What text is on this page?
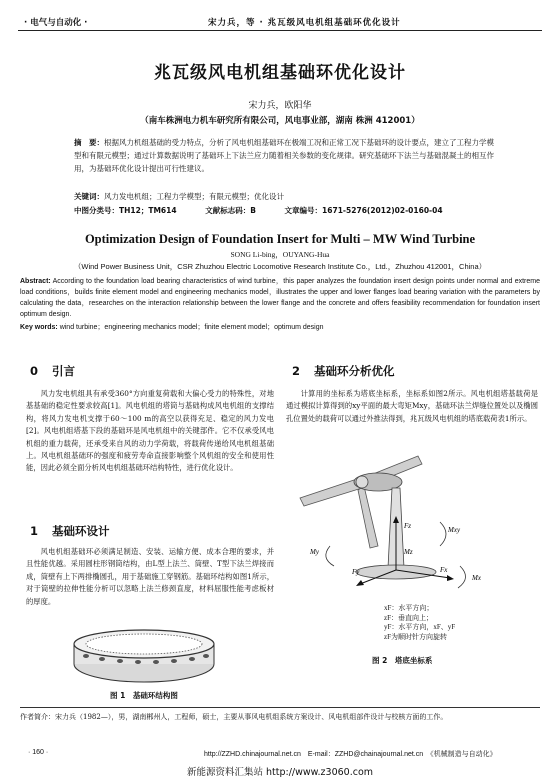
· 电气与自动化 ·	宋力兵，等 · 兆瓦级风电机组基础环优化设计
兆瓦级风电机组基础环优化设计
宋力兵，欧阳华
（南车株洲电力机车研究所有限公司，风电事业部，湖南 株洲 412001）
摘　要：根据风力机组基础的受力特点，分析了风电机组基础环在极端工况和正常工况下基础环的设计要点，建立了工程力学模型和有限元模型；通过计算数据说明了基础环上下法兰应力随着相关参数的变化规律。研究基础环下法兰与基础混凝土的相互作用，为基础环优化设计提出可行性建议。
关键词：风力发电机组；工程力学模型；有限元模型；优化设计
中图分类号：TH12；TM614	文献标志码：B	文章编号：1671-5276(2012)02-0160-04
Optimization Design of Foundation Insert for Multi – MW Wind Turbine
SONG Li-bing，OUYANG-Hua
（Wind Power Business Unit，CSR Zhuzhou Electric Locomotive Research Institute Co.，Ltd.，Zhuzhou 412001，China）
Abstract: According to the foundation load bearing characteristics of wind turbine，this paper analyzes the foundation insert design points under normal and extreme load conditions，builds finite element model and engineering mechanics model，illustrates the upper and lower flanges load bearing variation with the parameters by calculating the data，researches on the interaction relationship between the lower flange and the concrete and offers feasibility recommendation for foundation insert optimum design.
Key words: wind turbine；engineering mechanics model；finite element model；optimum design
0 引言
风力发电机组具有承受360°方向重复荷载和大偏心受力的特殊性，对地基基础的稳定性要求较高[1]。风电机组的塔筒与基础构成风电机组的支撑结构，将风力发电机支撑于60～100 m的高空以获得充足、稳定的风力发电[2]。风电机组塔基下段的基础环是风电机组中的关键部件。它不仅承受风电机组的重力载荷，还承受来自风的动力学荷载，将载荷传递给风电机组基础上。风电机组基础环的强度和疲劳寿命直接影响整个风机组的安全和使用性能，因此必须全面分析风电机组基础环结构特性，进行优化设计。
1 基础环设计
风电机组基础环必须满足制造、安装、运输方便、成本合理的要求，并且性能优越。采用圆柱形钢筒结构，由L型上法兰、筒壁、T型下法兰焊接而成，筒壁有上下两排椭圆孔，用于基础施工穿钢筋。基础环结构如图1所示，对于筒壁的拉伸性能分析可以忽略上法兰修颈直度，材料屈服性能考虑板材的厚度。
图 1　基础环结构图
2 基础环分析优化
计算用的坐标系为塔底坐标系，坐标系如图2所示。风电机组塔基载荷是通过模拟计算得到的xy平面的最大弯矩Mxy，基础环法兰焊缝位置处以及椭圆孔位置处的载荷可以通过外推法得到，兆瓦级风电机组的塔底载荷表1所示。
Mxy
Fz
My
Fy	Fx
Mx
Mz
xF：水平方向；
zF：垂直向上；
yF：水平方向，xF、yF
zF为顺时针方向旋转
图 2　塔底坐标系
作者简介：宋力兵（1982—），男，湖南郴州人，工程师，硕士，主要从事风电机组系统方案设计、风电机组部件设计与校核方面的工作。
· 160 ·	http://ZZHD.chinajournal.net.cn　E-mail：ZZHD@chainajournal.net.cn　《机械制造与自动化》
新能源资料汇集站 http://www.z3060.com
